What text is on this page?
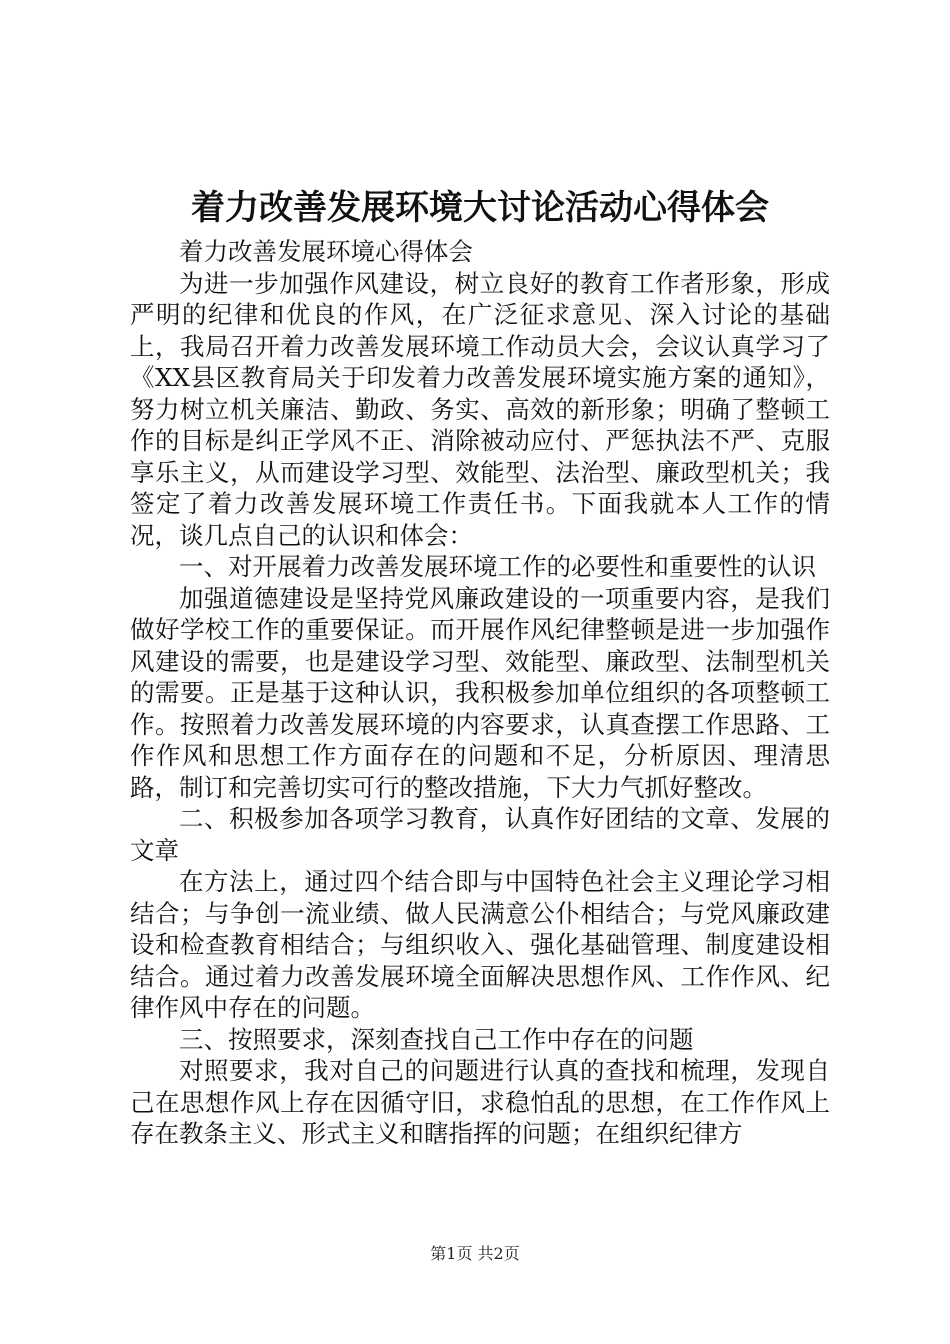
着力改善发展环境大讨论活动心得体会

着力改善发展环境心得体会

为进一步加强作风建设，树立良好的教育工作者形象，形成严明的纪律和优良的作风，在广泛征求意见、深入讨论的基础上，我局召开着力改善发展环境工作动员大会，会议认真学习了《XX县区教育局关于印发着力改善发展环境实施方案的通知》，努力树立机关廉洁、勤政、务实、高效的新形象；明确了整顿工作的目标是纠正学风不正、消除被动应付、严惩执法不严、克服享乐主义，从而建设学习型、效能型、法治型、廉政型机关；我签定了着力改善发展环境工作责任书。下面我就本人工作的情况，谈几点自己的认识和体会：

一、对开展着力改善发展环境工作的必要性和重要性的认识

加强道德建设是坚持党风廉政建设的一项重要内容，是我们做好学校工作的重要保证。而开展作风纪律整顿是进一步加强作风建设的需要，也是建设学习型、效能型、廉政型、法制型机关的需要。正是基于这种认识，我积极参加单位组织的各项整顿工作。按照着力改善发展环境的内容要求，认真查摆工作思路、工作作风和思想工作方面存在的问题和不足，分析原因、理清思路，制订和完善切实可行的整改措施，下大力气抓好整改。

二、积极参加各项学习教育，认真作好团结的文章、发展的文章

在方法上，通过四个结合即与中国特色社会主义理论学习相结合；与争创一流业绩、做人民满意公仆相结合；与党风廉政建设和检查教育相结合；与组织收入、强化基础管理、制度建设相结合。通过着力改善发展环境全面解决思想作风、工作作风、纪律作风中存在的问题。

三、按照要求，深刻查找自己工作中存在的问题

对照要求，我对自己的问题进行认真的查找和梳理，发现自己在思想作风上存在因循守旧，求稳怕乱的思想，在工作作风上存在教条主义、形式主义和瞎指挥的问题；在组织纪律方

第1页 共2页
